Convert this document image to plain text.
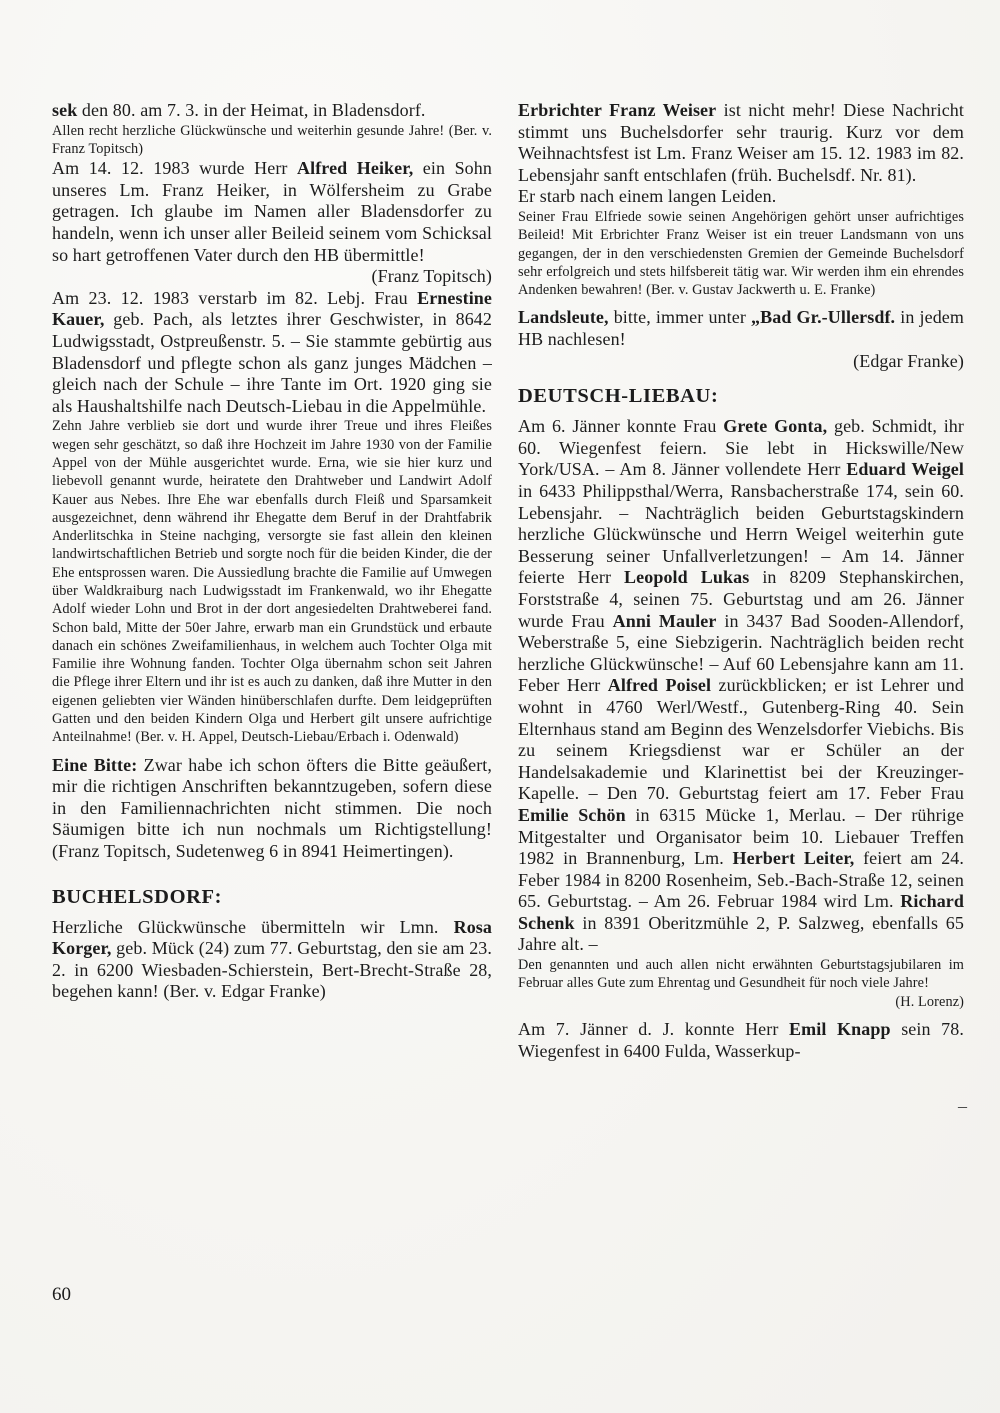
sek den 80. am 7. 3. in der Heimat, in Bladensdorf.
Allen recht herzliche Glückwünsche und weiterhin gesunde Jahre! (Ber. v. Franz Topitsch)
Am 14. 12. 1983 wurde Herr Alfred Heiker, ein Sohn unseres Lm. Franz Heiker, in Wölfersheim zu Grabe getragen. Ich glaube im Namen aller Bladensdorfer zu handeln, wenn ich unser aller Beileid seinem vom Schicksal so hart getroffenen Vater durch den HB übermittle!
(Franz Topitsch)
Am 23. 12. 1983 verstarb im 82. Lebj. Frau Ernestine Kauer, geb. Pach, als letztes ihrer Geschwister, in 8642 Ludwigsstadt, Ostpreußenstr. 5. – Sie stammte gebürtig aus Bladensdorf und pflegte schon als ganz junges Mädchen – gleich nach der Schule – ihre Tante im Ort. 1920 ging sie als Haushaltshilfe nach Deutsch-Liebau in die Appelmühle.
Zehn Jahre verblieb sie dort und wurde ihrer Treue und ihres Fleißes wegen sehr geschätzt, so daß ihre Hochzeit im Jahre 1930 von der Familie Appel von der Mühle ausgerichtet wurde. Erna, wie sie hier kurz und liebevoll genannt wurde, heiratete den Drahtweber und Landwirt Adolf Kauer aus Nebes. Ihre Ehe war ebenfalls durch Fleiß und Sparsamkeit ausgezeichnet, denn während ihr Ehegatte dem Beruf in der Drahtfabrik Anderlitschka in Steine nachging, versorgte sie fast allein den kleinen landwirtschaftlichen Betrieb und sorgte noch für die beiden Kinder, die der Ehe entsprossen waren. Die Aussiedlung brachte die Familie auf Umwegen über Waldkraiburg nach Ludwigsstadt im Frankenwald, wo ihr Ehegatte Adolf wieder Lohn und Brot in der dort angesiedelten Drahtweberei fand. Schon bald, Mitte der 50er Jahre, erwarb man ein Grundstück und erbaute danach ein schönes Zweifamilienhaus, in welchem auch Tochter Olga mit Familie ihre Wohnung fanden. Tochter Olga übernahm schon seit Jahren die Pflege ihrer Eltern und ihr ist es auch zu danken, daß ihre Mutter in den eigenen geliebten vier Wänden hinüberschlafen durfte. Dem leidgeprüften Gatten und den beiden Kindern Olga und Herbert gilt unsere aufrichtige Anteilnahme! (Ber. v. H. Appel, Deutsch-Liebau/Erbach i. Odenwald)
Eine Bitte: Zwar habe ich schon öfters die Bitte geäußert, mir die richtigen Anschriften bekanntzugeben, sofern diese in den Familiennachrichten nicht stimmen. Die noch Säumigen bitte ich nun nochmals um Richtigstellung! (Franz Topitsch, Sudetenweg 6 in 8941 Heimertingen).
BUCHELSDORF:
Herzliche Glückwünsche übermitteln wir Lmn. Rosa Korger, geb. Mück (24) zum 77. Geburtstag, den sie am 23. 2. in 6200 Wiesbaden-Schierstein, Bert-Brecht-Straße 28, begehen kann! (Ber. v. Edgar Franke)
Erbrichter Franz Weiser ist nicht mehr! Diese Nachricht stimmt uns Buchelsdorfer sehr traurig. Kurz vor dem Weihnachtsfest ist Lm. Franz Weiser am 15. 12. 1983 im 82. Lebensjahr sanft entschlafen (früh. Buchelsdf. Nr. 81).
Er starb nach einem langen Leiden.
Seiner Frau Elfriede sowie seinen Angehörigen gehört unser aufrichtiges Beileid! Mit Erbrichter Franz Weiser ist ein treuer Landsmann von uns gegangen, der in den verschiedensten Gremien der Gemeinde Buchelsdorf sehr erfolgreich und stets hilfsbereit tätig war. Wir werden ihm ein ehrendes Andenken bewahren! (Ber. v. Gustav Jackwerth u. E. Franke)
Landsleute, bitte, immer unter „Bad Gr.-Ullersdf. in jedem HB nachlesen!
(Edgar Franke)
DEUTSCH-LIEBAU:
Am 6. Jänner konnte Frau Grete Gonta, geb. Schmidt, ihr 60. Wiegenfest feiern. Sie lebt in Hickswille/New York/USA. – Am 8. Jänner vollendete Herr Eduard Weigel in 6433 Philippsthal/Werra, Ransbacherstraße 174, sein 60. Lebensjahr. – Nachträglich beiden Geburtstagskindern herzliche Glückwünsche und Herrn Weigel weiterhin gute Besserung seiner Unfallverletzungen! – Am 14. Jänner feierte Herr Leopold Lukas in 8209 Stephanskirchen, Forststraße 4, seinen 75. Geburtstag und am 26. Jänner wurde Frau Anni Mauler in 3437 Bad Sooden-Allendorf, Weberstraße 5, eine Siebzigerin. Nachträglich beiden recht herzliche Glückwünsche! – Auf 60 Lebensjahre kann am 11. Feber Herr Alfred Poisel zurückblicken; er ist Lehrer und wohnt in 4760 Werl/Westf., Gutenberg-Ring 40. Sein Elternhaus stand am Beginn des Wenzelsdorfer Viebichs. Bis zu seinem Kriegsdienst war er Schüler an der Handelsakademie und Klarinettist bei der Kreuzinger-Kapelle. – Den 70. Geburtstag feiert am 17. Feber Frau Emilie Schön in 6315 Mücke 1, Merlau. – Der rührige Mitgestalter und Organisator beim 10. Liebauer Treffen 1982 in Brannenburg, Lm. Herbert Leiter, feiert am 24. Feber 1984 in 8200 Rosenheim, Seb.-Bach-Straße 12, seinen 65. Geburtstag. – Am 26. Februar 1984 wird Lm. Richard Schenk in 8391 Oberitzmühle 2, P. Salzweg, ebenfalls 65 Jahre alt. –
Den genannten und auch allen nicht erwähnten Geburtstagsjubilaren im Februar alles Gute zum Ehrentag und Gesundheit für noch viele Jahre!
(H. Lorenz)
Am 7. Jänner d. J. konnte Herr Emil Knapp sein 78. Wiegenfest in 6400 Fulda, Wasserkup-
60
–
